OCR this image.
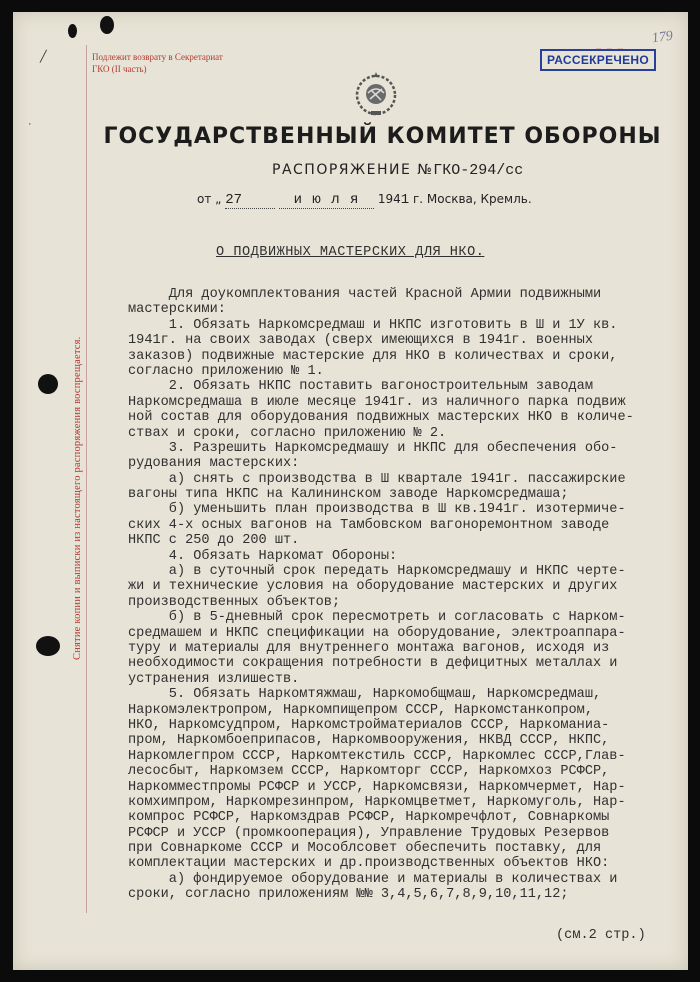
Подлежит возврату в Секретариат
ГКО (II часть)
— — —
РАССЕКРЕЧЕНО
179
ГОСУДАРСТВЕННЫЙ КОМИТЕТ ОБОРОНЫ
РАСПОРЯЖЕНИЕ №ГКО-294/сс
от „ 27	и ю л я 1941 г. Москва, Кремль.
О ПОДВИЖНЫХ МАСТЕРСКИХ ДЛЯ НКО.
Для доукомплектования частей Красной Армии подвижными
мастерскими:
1. Обязать Наркомсредмаш и НКПС изготовить в Ш и 1У кв.
1941г. на своих заводах (сверх имеющихся в 1941г. военных
заказов) подвижные мастерские для НКО в количествах и сроки,
согласно приложению № 1.
2. Обязать НКПС поставить вагоностроительным заводам
Наркомсредмаша в июле месяце 1941г. из наличного парка подвиж
ной состав для оборудования подвижных мастерских НКО в количе-
ствах и сроки, согласно приложению № 2.
3. Разрешить Наркомсредмашу и НКПС для обеспечения обо-
рудования мастерских:
а) снять с производства в Ш квартале 1941г. пассажирские
вагоны типа НКПС на Калининском заводе Наркомсредмаша;
б) уменьшить план производства в Ш кв.1941г. изотермиче-
ских 4-х осных вагонов на Тамбовском вагоноремонтном заводе
НКПС с 250 до 200 шт.
4. Обязать Наркомат Обороны:
а) в суточный срок передать Наркомсредмашу и НКПС черте-
жи и технические условия на оборудование мастерских и других
производственных объектов;
б) в 5-дневный срок пересмотреть и согласовать с Нарком-
средмашем и НКПС спецификации на оборудование, электроаппара-
туру и материалы для внутреннего монтажа вагонов, исходя из
необходимости сокращения потребности в дефицитных металлах и
устранения излишеств.
5. Обязать Наркомтяжмаш, Наркомобщмаш, Наркомсредмаш,
Наркомэлектропром, Наркомпищепром СССР, Наркомстанкопром,
НКО, Наркомсудпром, Наркомстройматериалов СССР, Наркоманиа-
пром, Наркомбоеприпасов, Наркомвооружения, НКВД СССР, НКПС,
Наркомлегпром СССР, Наркомтекстиль СССР, Наркомлес СССР,Глав-
лесосбыт, Наркомзем СССР, Наркомторг СССР, Наркомхоз РСФСР,
Наркомместпромы РСФСР и УССР, Наркомсвязи, Наркомчермет, Нар-
комхимпром, Наркомрезинпром, Наркомцветмет, Наркомуголь, Нар-
компрос РСФСР, Наркомздрав РСФСР, Наркомречфлот, Совнаркомы
РСФСР и УССР (промкооперация), Управление Трудовых Резервов
при Совнаркоме СССР и Мособлсовет обеспечить поставку, для
комплектации мастерских и др.производственных объектов НКО:
а) фондируемое оборудование и материалы в количествах и
сроки, согласно приложениям №№ 3,4,5,6,7,8,9,10,11,12;
(см.2 стр.)
Снятие копии и выписки из настоящего распоряжения воспрещается.
·
╱
